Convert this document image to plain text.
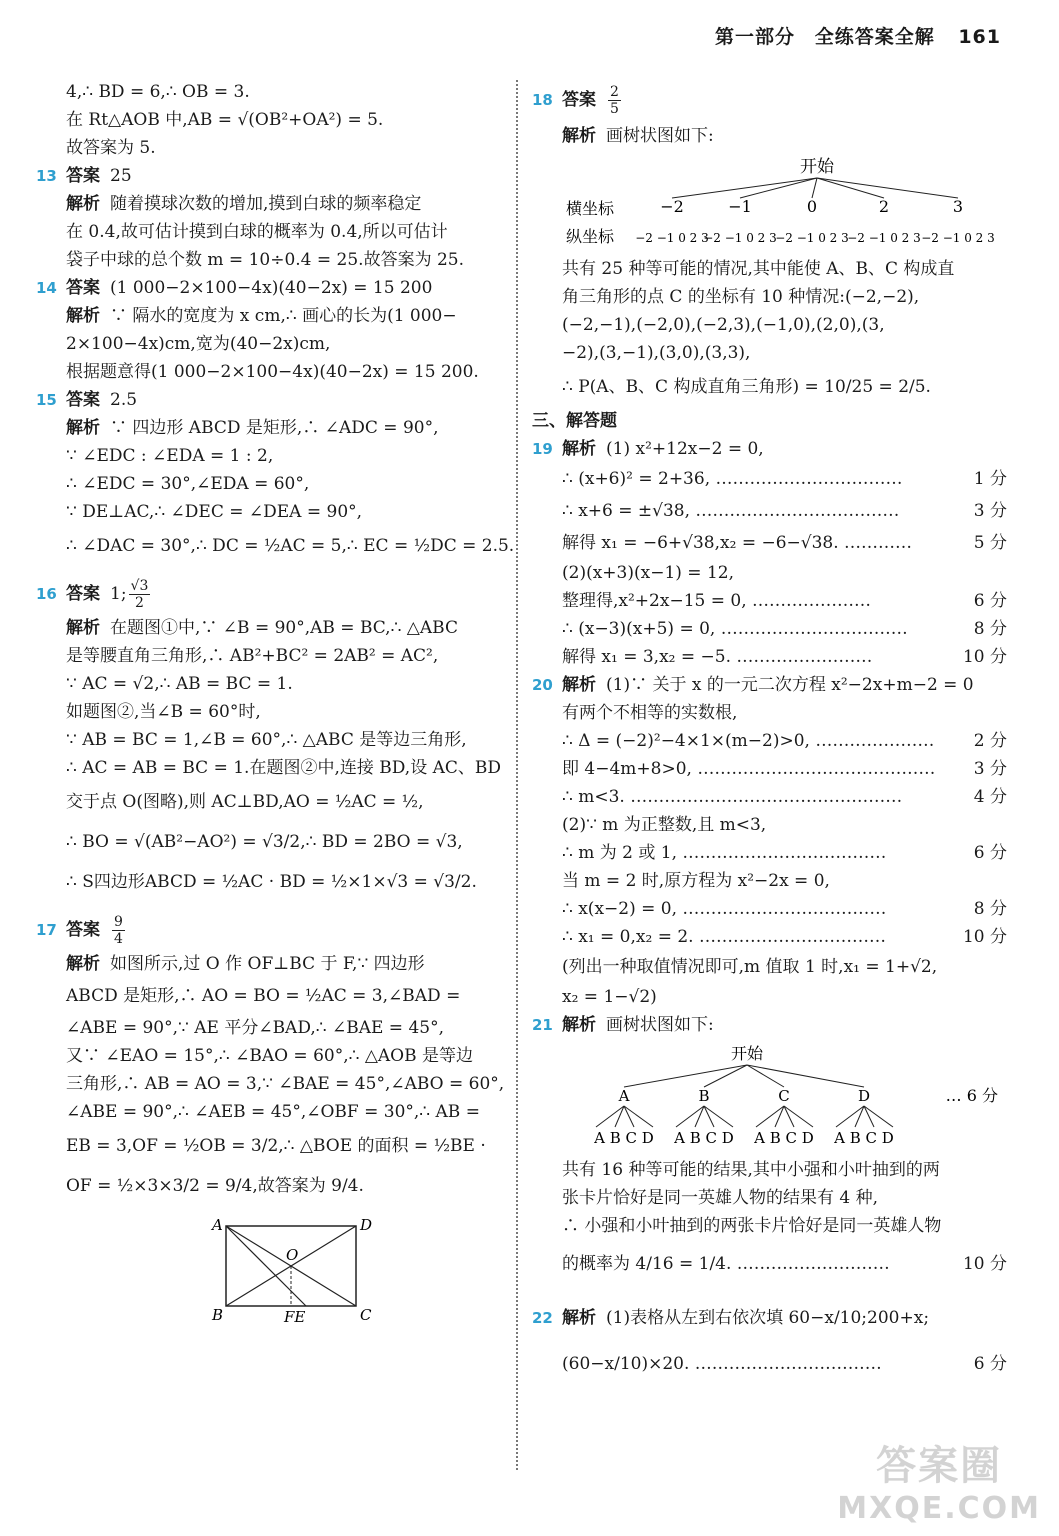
第一部分 全练答案全解 161
4,∴ BD = 6,∴ OB = 3.
在 Rt△AOB 中,AB = √(OB²+OA²) = 5.
故答案为 5.
13 答案 25
解析 随着摸球次数的增加,摸到白球的频率稳定
在 0.4,故可估计摸到白球的概率为 0.4,所以可估计
袋子中球的总个数 m = 10÷0.4 = 25.故答案为 25.
14 答案 (1 000−2×100−4x)(40−2x) = 15 200
解析 ∵ 隔水的宽度为 x cm,∴ 画心的长为(1 000−
2×100−4x)cm,宽为(40−2x)cm,
根据题意得(1 000−2×100−4x)(40−2x) = 15 200.
15 答案 2.5
解析 ∵ 四边形 ABCD 是矩形,∴ ∠ADC = 90°,
∵ ∠EDC : ∠EDA = 1 : 2,
∴ ∠EDC = 30°,∠EDA = 60°,
∵ DE⊥AC,∴ ∠DEC = ∠DEA = 90°,
∴ ∠DAC = 30°,∴ DC = ½AC = 5,∴ EC = ½DC = 2.5.
16 答案 1; $\frac{√3}{2}$
解析 在题图①中,∵ ∠B = 90°,AB = BC,∴ △ABC
是等腰直角三角形,∴ AB²+BC² = 2AB² = AC²,
∵ AC = √2,∴ AB = BC = 1.
如题图②,当∠B = 60°时,
∵ AB = BC = 1,∠B = 60°,∴ △ABC 是等边三角形,
∴ AC = AB = BC = 1.在题图②中,连接 BD,设 AC、BD
交于点 O(图略),则 AC⊥BD,AO = ½AC = ½,
∴ BO = √(AB²−AO²) = √3/2,∴ BD = 2BO = √3,
∴ S四边形ABCD = ½AC · BD = ½×1×√3 = √3/2.
17 答案 $\frac{9}{4}$
解析 如图所示,过 O 作 OF⊥BC 于 F,∵ 四边形
ABCD 是矩形,∴ AO = BO = ½AC = 3,∠BAD =
∠ABE = 90°,∵ AE 平分∠BAD,∴ ∠BAE = 45°,
又∵ ∠EAO = 15°,∴ ∠BAO = 60°,∴ △AOB 是等边
三角形,∴ AB = AO = 3,∵ ∠BAE = 45°,∠ABO = 60°,
∠ABE = 90°,∴ ∠AEB = 45°,∠OBF = 30°,∴ AB =
EB = 3,OF = ½OB = 3/2,∴ △BOE 的面积 = ½BE ·
OF = ½×3×3/2 = 9/4,故答案为 9/4.
A	D
B	C
O
FE
18 答案 $\frac{2}{5}$
解析 画树状图如下:
开始
横坐标
纵坐标
−2	−1	0	2	3
−2 −1 0 2 3
−2 −1 0 2 3
−2 −1 0 2 3
−2 −1 0 2 3 −2 −1 0 2 3
共有 25 种等可能的情况,其中能使 A、B、C 构成直
角三角形的点 C 的坐标有 10 种情况:(−2,−2),
(−2,−1),(−2,0),(−2,3),(−1,0),(2,0),(3,
−2),(3,−1),(3,0),(3,3),
∴ P(A、B、C 构成直角三角形) = 10/25 = 2/5.
三、解答题
19 解析 (1) x²+12x−2 = 0,
∴ (x+6)² = 2+36, ……………………………	1 分
∴ x+6 = ±√38, ………………………………	3 分
解得 x₁ = −6+√38,x₂ = −6−√38. …………	5 分
(2)(x+3)(x−1) = 12,
整理得,x²+2x−15 = 0, …………………	6 分
∴ (x−3)(x+5) = 0, ……………………………	8 分
解得 x₁ = 3,x₂ = −5. ……………………	10 分
20 解析 (1)∵ 关于 x 的一元二次方程 x²−2x+m−2 = 0
有两个不相等的实数根,
∴ Δ = (−2)²−4×1×(m−2)>0, ………………… 2 分
即 4−4m+8>0, …………………………………… 3 分
∴ m<3. …………………………………………	4 分
(2)∵ m 为正整数,且 m<3,
∴ m 为 2 或 1, ………………………………	6 分
当 m = 2 时,原方程为 x²−2x = 0,
∴ x(x−2) = 0, ………………………………	8 分
∴ x₁ = 0,x₂ = 2. ……………………………	10 分
(列出一种取值情况即可,m 值取 1 时,x₁ = 1+√2,
x₂ = 1−√2)
21 解析 画树状图如下:
开始
A	B	C	D
A B C D A B C D A B C D A B C D
… 6 分
共有 16 种等可能的结果,其中小强和小叶抽到的两
张卡片恰好是同一英雄人物的结果有 4 种,
∴ 小强和小叶抽到的两张卡片恰好是同一英雄人物
的概率为 4/16 = 1/4. ………………………	10 分
22 解析 (1)表格从左到右依次填 60−x/10;200+x;
(60−x/10)×20. ……………………………	6 分
答案圈
MXQE.COM
